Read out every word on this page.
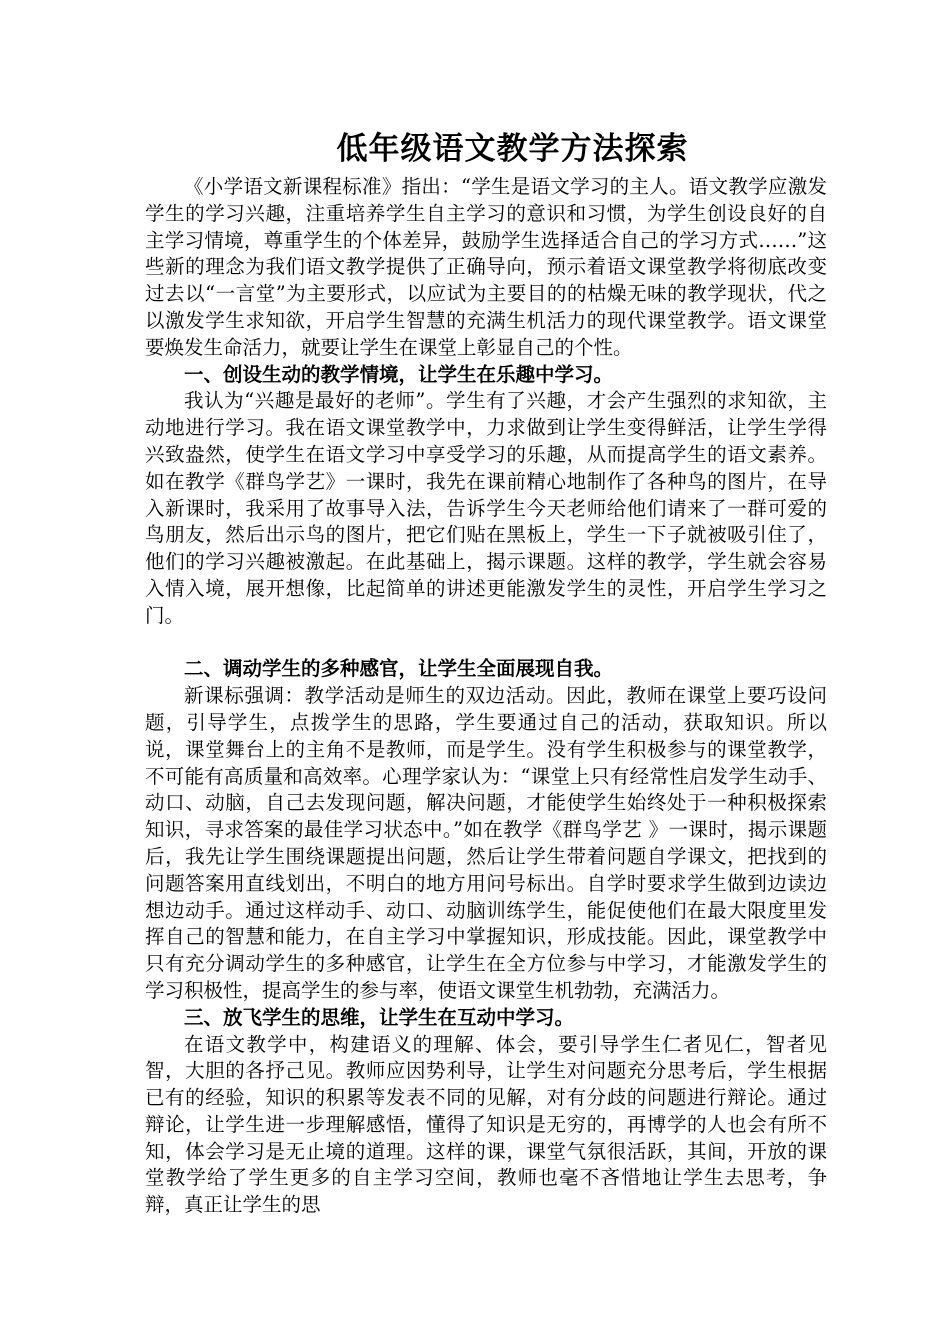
低年级语文教学方法探索

《小学语文新课程标准》指出：“学生是语文学习的主人。语文教学应激发学生的学习兴趣，注重培养学生自主学习的意识和习惯，为学生创设良好的自主学习情境，尊重学生的个体差异，鼓励学生选择适合自己的学习方式……”这些新的理念为我们语文教学提供了正确导向，预示着语文课堂教学将彻底改变过去以“一言堂”为主要形式，以应试为主要目的的枯燥无味的教学现状，代之以激发学生求知欲，开启学生智慧的充满生机活力的现代课堂教学。语文课堂要焕发生命活力，就要让学生在课堂上彰显自己的个性。

一、创设生动的教学情境，让学生在乐趣中学习。

我认为“兴趣是最好的老师”。学生有了兴趣，才会产生强烈的求知欲，主动地进行学习。我在语文课堂教学中，力求做到让学生变得鲜活，让学生学得兴致盎然，使学生在语文学习中享受学习的乐趣，从而提高学生的语文素养。如在教学《群鸟学艺》一课时，我先在课前精心地制作了各种鸟的图片，在导入新课时，我采用了故事导入法，告诉学生今天老师给他们请来了一群可爱的鸟朋友，然后出示鸟的图片，把它们贴在黑板上，学生一下子就被吸引住了，他们的学习兴趣被激起。在此基础上，揭示课题。这样的教学，学生就会容易入情入境，展开想像，比起简单的讲述更能激发学生的灵性，开启学生学习之门。

二、调动学生的多种感官，让学生全面展现自我。

新课标强调：教学活动是师生的双边活动。因此，教师在课堂上要巧设问题，引导学生，点拨学生的思路，学生要通过自己的活动，获取知识。所以说，课堂舞台上的主角不是教师，而是学生。没有学生积极参与的课堂教学，不可能有高质量和高效率。心理学家认为：“课堂上只有经常性启发学生动手、动口、动脑，自己去发现问题，解决问题，才能使学生始终处于一种积极探索知识，寻求答案的最佳学习状态中。”如在教学《群鸟学艺 》一课时，揭示课题后，我先让学生围绕课题提出问题，然后让学生带着问题自学课文，把找到的问题答案用直线划出，不明白的地方用问号标出。自学时要求学生做到边读边想边动手。通过这样动手、动口、动脑训练学生，能促使他们在最大限度里发挥自己的智慧和能力，在自主学习中掌握知识，形成技能。因此，课堂教学中只有充分调动学生的多种感官，让学生在全方位参与中学习，才能激发学生的学习积极性，提高学生的参与率，使语文课堂生机勃勃，充满活力。

三、放飞学生的思维，让学生在互动中学习。

在语文教学中，构建语义的理解、体会，要引导学生仁者见仁，智者见智，大胆的各抒己见。教师应因势利导，让学生对问题充分思考后，学生根据已有的经验，知识的积累等发表不同的见解，对有分歧的问题进行辩论。通过辩论，让学生进一步理解感悟，懂得了知识是无穷的，再博学的人也会有所不知，体会学习是无止境的道理。这样的课，课堂气氛很活跃，其间，开放的课堂教学给了学生更多的自主学习空间，教师也毫不吝惜地让学生去思考，争辩，真正让学生的思
